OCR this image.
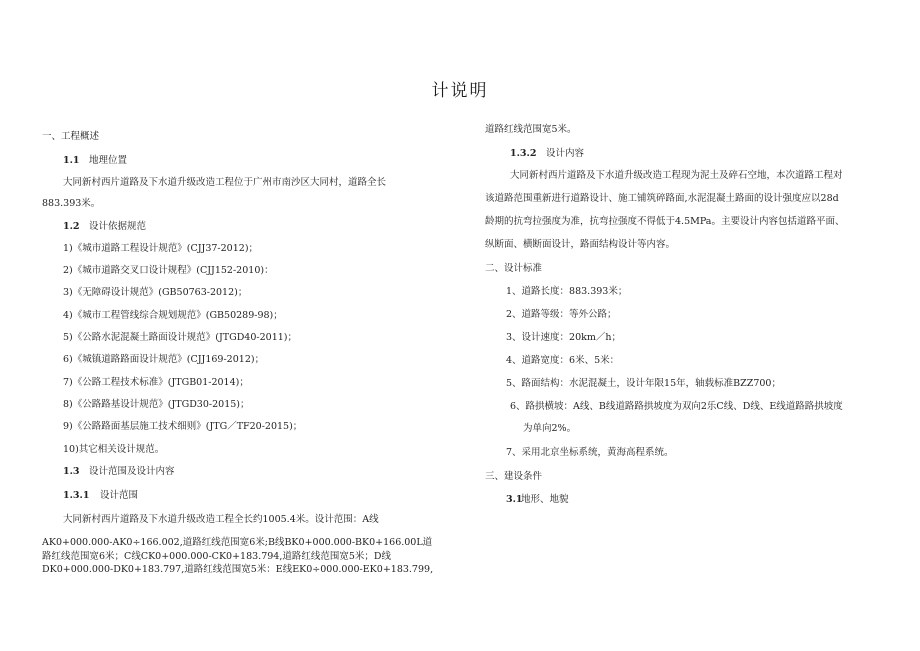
计说明
一、工程概述
1.1 地理位置
大同新村西片道路及下水道升级改造工程位于广州市南沙区大同村，道路全长
883.393米。
1.2 设计依据规范
1)《城市道路工程设计规范》(CJJ37-2012)；
2)《城市道路交叉口设计规程》(CJJ152-2010)：
3)《无障碍设计规范》(GB50763-2012)；
4)《城市工程管线综合规划规范》(GB50289-98)；
5)《公路水泥混凝土路面设计规范》(JTGD40-2011)；
6)《城镇道路路面设计规范》(CJJ169-2012)；
7)《公路工程技术标准》(JTGB01-2014)；
8)《公路路基设计规范》(JTGD30-2015)；
9)《公路路面基层施工技术细则》(JTG／TF20-2015)；
10)其它相关设计规范。
1.3 设计范围及设计内容
1.3.1 设计范围
大同新村西片道路及下水道升级改造工程全长约1005.4米。设计范围：A线
AK0+000.000-AK0÷166.002,道路红线范围宽6米;B线BK0+000.000-BK0+166.00L道
路红线范围宽6米；C线CK0+000.000-CK0+183.794,道路红线范围宽5米；D线
DK0+000.000-DK0+183.797,道路红线范围宽5米：E线EK0÷000.000-EK0+183.799,
道路红线范围宽5米。
1.3.2 设计内容
大同新村西片道路及下水道升级改造工程现为泥土及碎石空地，本次道路工程对
该道路范围重新进行道路设计、施工铺筑碎路面,水泥混凝土路面的设计强度应以28d
龄期的抗弯拉强度为准，抗弯拉强度不得低于4.5MPa。主要设计内容包括道路平面、
纵断面、横断面设计，路面结构设计等内容。
二、设计标准
1、道路长度：883.393米；
2、道路等级：等外公路；
3、设计速度：20km／h；
4、道路宽度：6米、5米：
5、路面结构：水泥混凝土，设计年限15年，轴载标准BZZ700；
6、路拱横坡：A线、B线道路路拱坡度为双向2乐C线、D线、E线道路路拱坡度
为单向2%。
7、采用北京坐标系统，黄海高程系统。
三、建设条件
3.1
地形、地貌
